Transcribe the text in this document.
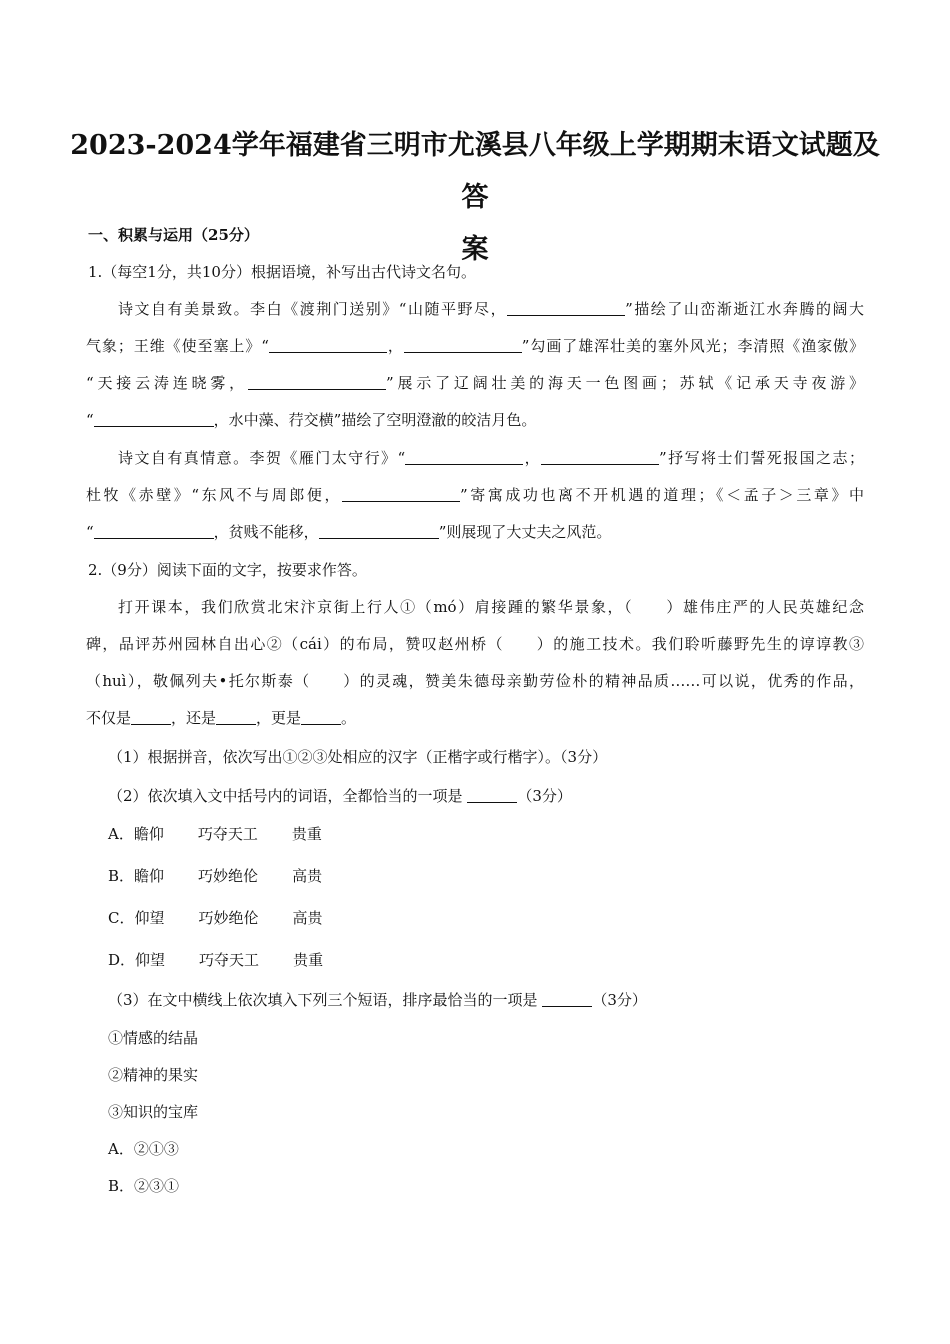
2023-2024学年福建省三明市尤溪县八年级上学期期末语文试题及答
案
一、积累与运用（25分）
1.（每空1分，共10分）根据语境，补写出古代诗文名句。
诗文自有美景致。李白《渡荆门送别》“山随平野尽，	”描绘了山峦渐逝江水奔腾的阔大
气象；王维《使至塞上》“	，	”勾画了雄浑壮美的塞外风光；李清照《渔家傲》
“天接云涛连晓雾，	”展示了辽阔壮美的海天一色图画；苏轼《记承天寺夜游》
“	，水中藻、荇交横”描绘了空明澄澈的皎洁月色。
诗文自有真情意。李贺《雁门太守行》“	，	”抒写将士们誓死报国之志；
杜牧《赤壁》“东风不与周郎便，	”寄寓成功也离不开机遇的道理；《＜孟子＞三章》中
“	，贫贱不能移，	”则展现了大丈夫之风范。
2.（9分）阅读下面的文字，按要求作答。
打开课本，我们欣赏北宋汴京街上行人①（mó）肩接踵的繁华景象，（　　）雄伟庄严的人民英雄纪念
碑，品评苏州园林自出心②（cái）的布局，赞叹赵州桥（　　）的施工技术。我们聆听藤野先生的谆谆教③
（huì），敬佩列夫•托尔斯泰（　　）的灵魂，赞美朱德母亲勤劳俭朴的精神品质……可以说，优秀的作品，
不仅是	，还是	，更是	。
（1）根据拼音，依次写出①②③处相应的汉字（正楷字或行楷字）。（3分）
（2）依次填入文中括号内的词语，全都恰当的一项是	（3分）
A．瞻仰 巧夺天工 贵重
B．瞻仰 巧妙绝伦 高贵
C．仰望 巧妙绝伦 高贵
D．仰望 巧夺天工 贵重
（3）在文中横线上依次填入下列三个短语，排序最恰当的一项是	（3分）
①情感的结晶
②精神的果实
③知识的宝库
A．②①③
B．②③①
